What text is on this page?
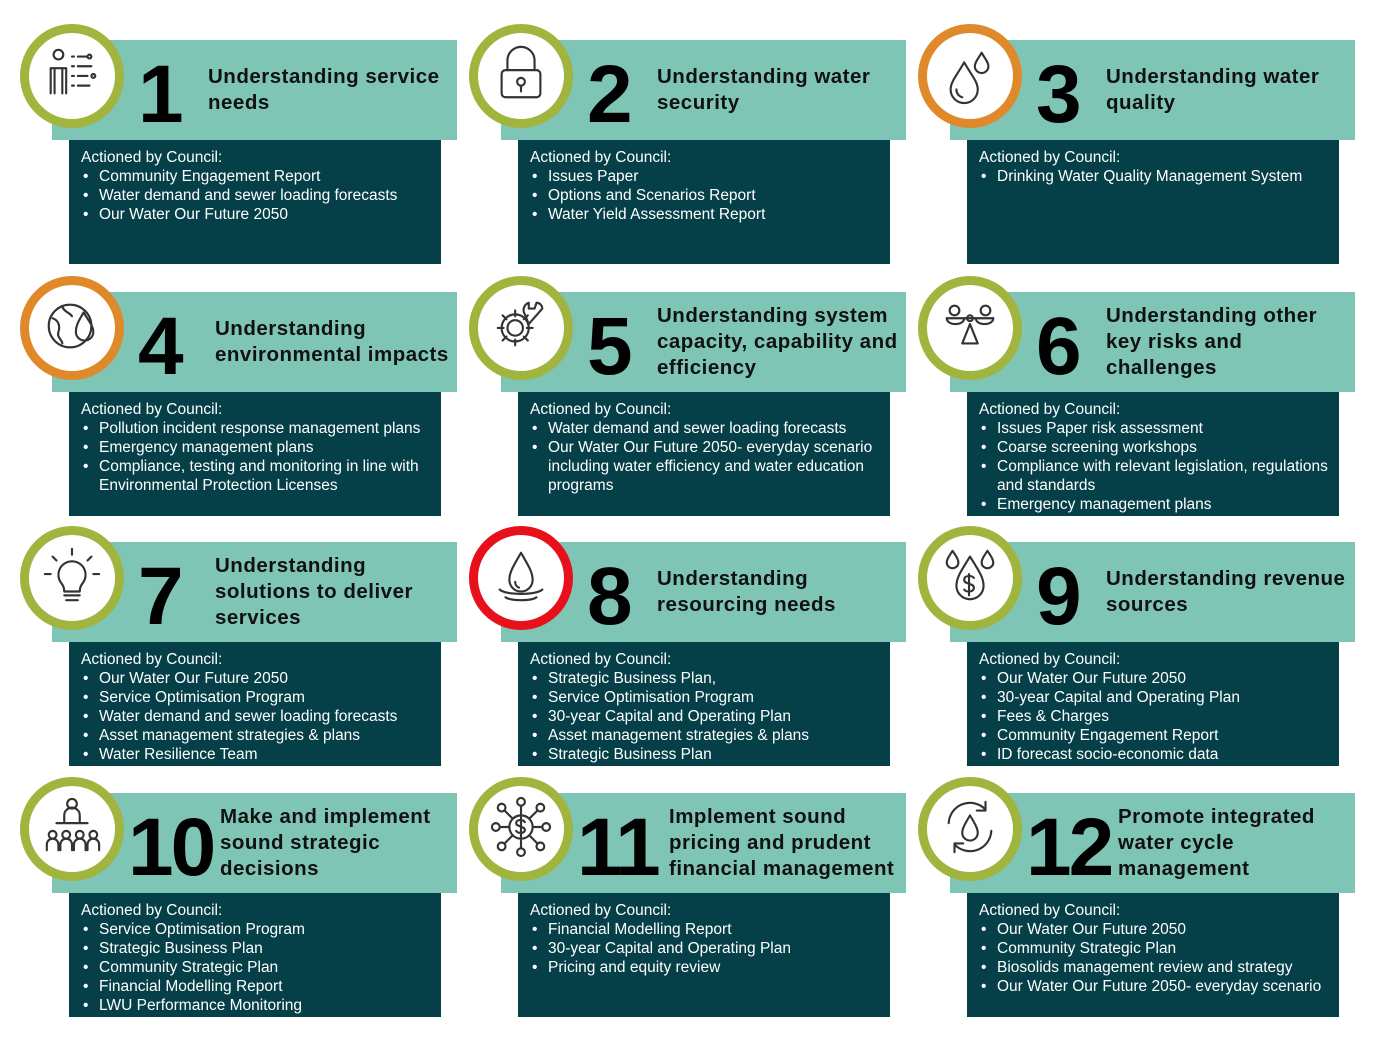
1 Understanding service needs
Actioned by Council:
• Community Engagement Report
• Water demand and sewer loading forecasts
• Our Water Our Future 2050
2 Understanding water security
Actioned by Council:
• Issues Paper
• Options and Scenarios Report
• Water Yield Assessment Report
3 Understanding water quality
Actioned by Council:
• Drinking Water Quality Management System
4 Understanding environmental impacts
Actioned by Council:
• Pollution incident response management plans
• Emergency management plans
• Compliance, testing and monitoring in line with Environmental Protection Licenses
5 Understanding system capacity, capability and efficiency
Actioned by Council:
• Water demand and sewer loading forecasts
• Our Water Our Future 2050- everyday scenario including water efficiency and water education programs
6 Understanding other key risks and challenges
Actioned by Council:
• Issues Paper risk assessment
• Coarse screening workshops
• Compliance with relevant legislation, regulations and standards
• Emergency management plans
7 Understanding solutions to deliver services
Actioned by Council:
• Our Water Our Future 2050
• Service Optimisation Program
• Water demand and sewer loading forecasts
• Asset management strategies & plans
• Water Resilience Team
8 Understanding resourcing needs
Actioned by Council:
• Strategic Business Plan,
• Service Optimisation Program
• 30-year Capital and Operating Plan
• Asset management strategies & plans
• Strategic Business Plan
9 Understanding revenue sources
Actioned by Council:
• Our Water Our Future 2050
• 30-year Capital and Operating Plan
• Fees & Charges
• Community Engagement Report
• ID forecast socio-economic data
10 Make and implement sound strategic decisions
Actioned by Council:
• Service Optimisation Program
• Strategic Business Plan
• Community Strategic Plan
• Financial Modelling Report
• LWU Performance Monitoring
11 Implement sound pricing and prudent financial management
Actioned by Council:
• Financial Modelling Report
• 30-year Capital and Operating Plan
• Pricing and equity review
12 Promote integrated water cycle management
Actioned by Council:
• Our Water Our Future 2050
• Community Strategic Plan
• Biosolids management review and strategy
• Our Water Our Future 2050- everyday scenario
